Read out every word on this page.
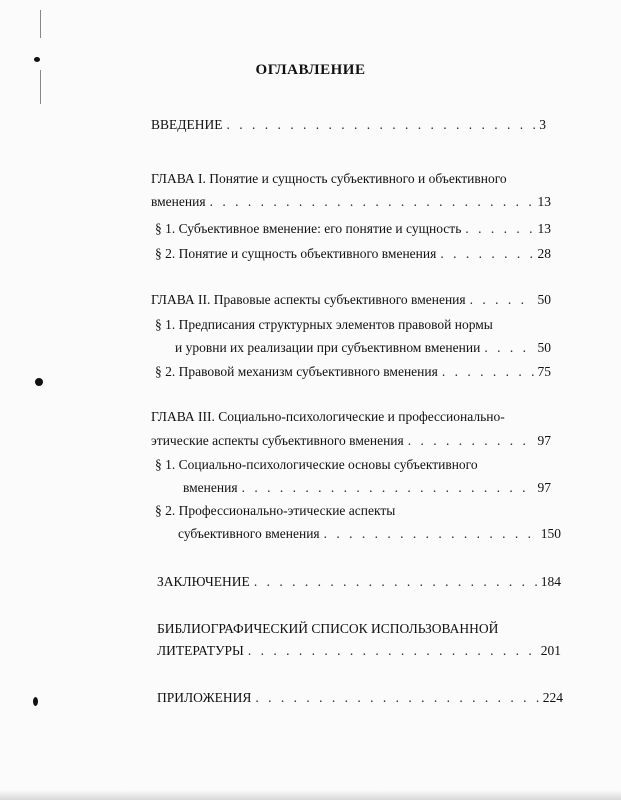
ОГЛАВЛЕНИЕ
ВВЕДЕНИЕ . . .	3
ГЛАВА I. Понятие и сущность субъективного и объективного
вменения . . .	13
§ 1. Субъективное вменение: его понятие и сущность . . .	13
§ 2. Понятие и сущность объективного вменения . . .	28
ГЛАВА II. Правовые аспекты субъективного вменения . . .	50
§ 1. Предписания структурных элементов правовой нормы
и уровни их реализации при субъективном вменении . . .	50
§ 2. Правовой механизм субъективного вменения . . .	75
ГЛАВА III. Социально-психологические и профессионально-
этические аспекты субъективного вменения . . .	97
§ 1. Социально-психологические основы субъективного
вменения . . .	97
§ 2. Профессионально-этические аспекты
субъективного вменения . . .	150
ЗАКЛЮЧЕНИЕ . . .	184
БИБЛИОГРАФИЧЕСКИЙ СПИСОК ИСПОЛЬЗОВАННОЙ
ЛИТЕРАТУРЫ . . .	201
ПРИЛОЖЕНИЯ . . .	224
